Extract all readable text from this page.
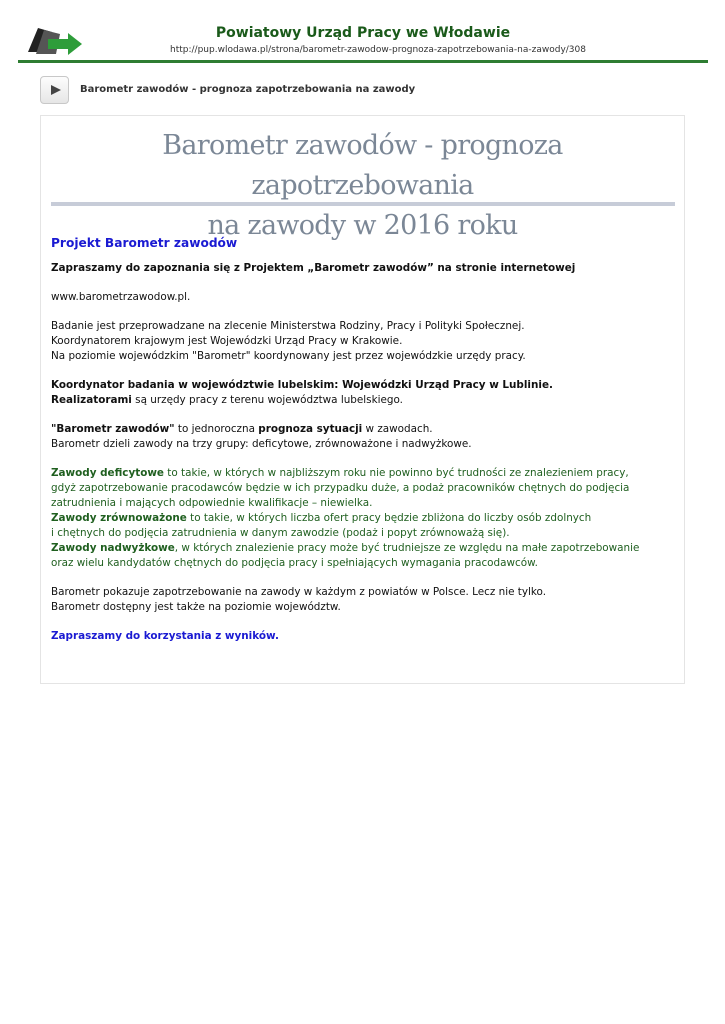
Powiatowy Urząd Pracy we Włodawie
http://pup.wlodawa.pl/strona/barometr-zawodow-prognoza-zapotrzebowania-na-zawody/308
Barometr zawodów - prognoza zapotrzebowania na zawody
Barometr zawodów - prognoza zapotrzebowania
na zawody w 2016 roku

Projekt Barometr zawodów

Zapraszamy do zapoznania się z Projektem „Barometr zawodów” na stronie internetowej

www.barometrzawodow.pl.

Badanie jest przeprowadzane na zlecenie Ministerstwa Rodziny, Pracy i Polityki Społecznej.

Koordynatorem krajowym jest Wojewódzki Urząd Pracy w Krakowie.

Na poziomie wojewódzkim "Barometr" koordynowany jest przez wojewódzkie urzędy pracy.

Koordynator badania w województwie lubelskim: Wojewódzki Urząd Pracy w Lublinie.

Realizatorami są urzędy pracy z terenu województwa lubelskiego.

"Barometr zawodów" to jednoroczna prognoza sytuacji w zawodach.

Barometr dzieli zawody na trzy grupy: deficytowe, zrównoważone i nadwyżkowe.

Zawody deficytowe to takie, w których w najbliższym roku nie powinno być trudności ze znalezieniem pracy,

gdyż zapotrzebowanie pracodawców będzie w ich przypadku duże, a podaż pracowników chętnych do podjęcia

zatrudnienia i mających odpowiednie kwalifikacje – niewielka.

Zawody zrównoważone to takie, w których liczba ofert pracy będzie zbliżona do liczby osób zdolnych

i chętnych do podjęcia zatrudnienia w danym zawodzie (podaż i popyt zrównoważą się).

Zawody nadwyżkowe, w których znalezienie pracy może być trudniejsze ze względu na małe zapotrzebowanie

oraz wielu kandydatów chętnych do podjęcia pracy i spełniających wymagania pracodawców.

Barometr pokazuje zapotrzebowanie na zawody w każdym z powiatów w Polsce. Lecz nie tylko.

Barometr dostępny jest także na poziomie województw.

Zapraszamy do korzystania z wyników.
